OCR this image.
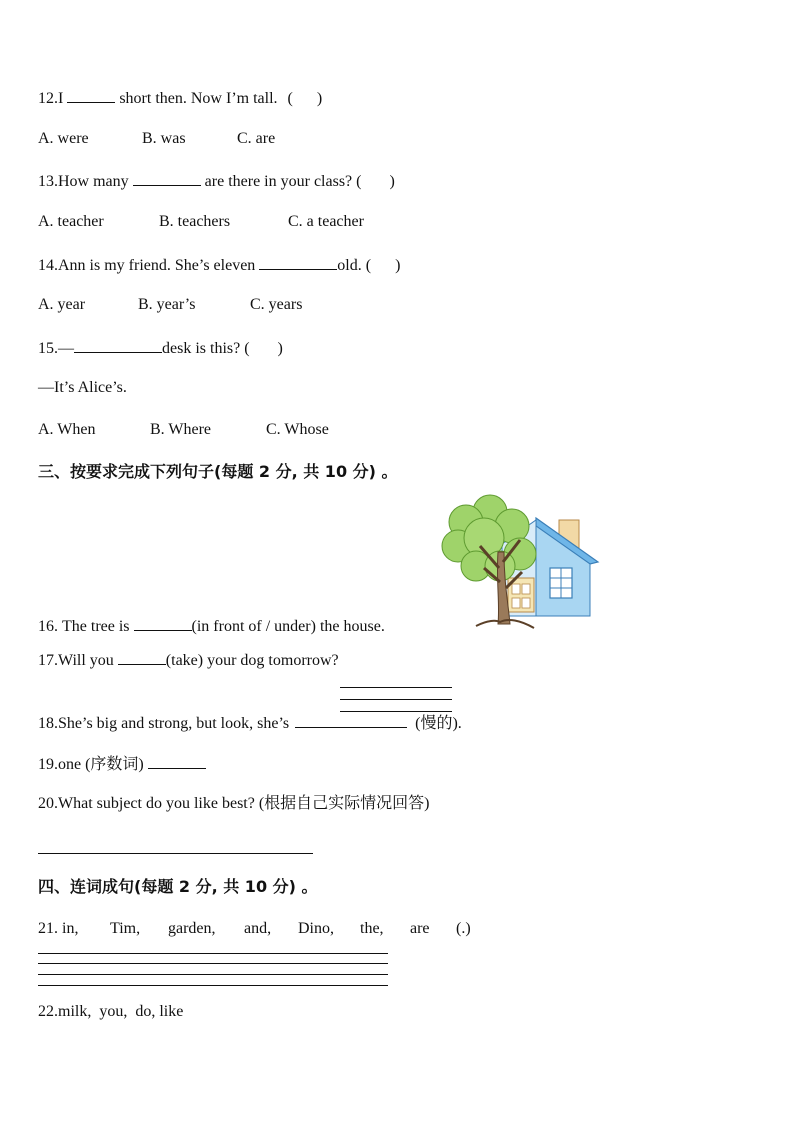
12.I	short then. Now I’m tall. (      )
A. were	B. was	C. are
13.How many	are there in your class? (       )
A. teacher	B. teachers	C. a teacher
14.Ann is my friend. She’s eleven	old. (      )
A. year	B. year’s	C. years
15.—	desk is this? (       )
—It’s Alice’s.
A. When	B. Where	C. Whose
三、按要求完成下列句子(每题 2 分, 共 10 分) 。
16. The tree is	(in front of / under) the house.
17.Will you	(take) your dog tomorrow?
18.She’s big and strong, but look, she’s	(慢的).
19.one (序数词)
20.What subject do you like best? (根据自己实际情况回答)
四、连词成句(每题 2 分, 共 10 分) 。
21. in, Tim, garden, and, Dino, the, are (.)
22.milk,  you,  do, like
